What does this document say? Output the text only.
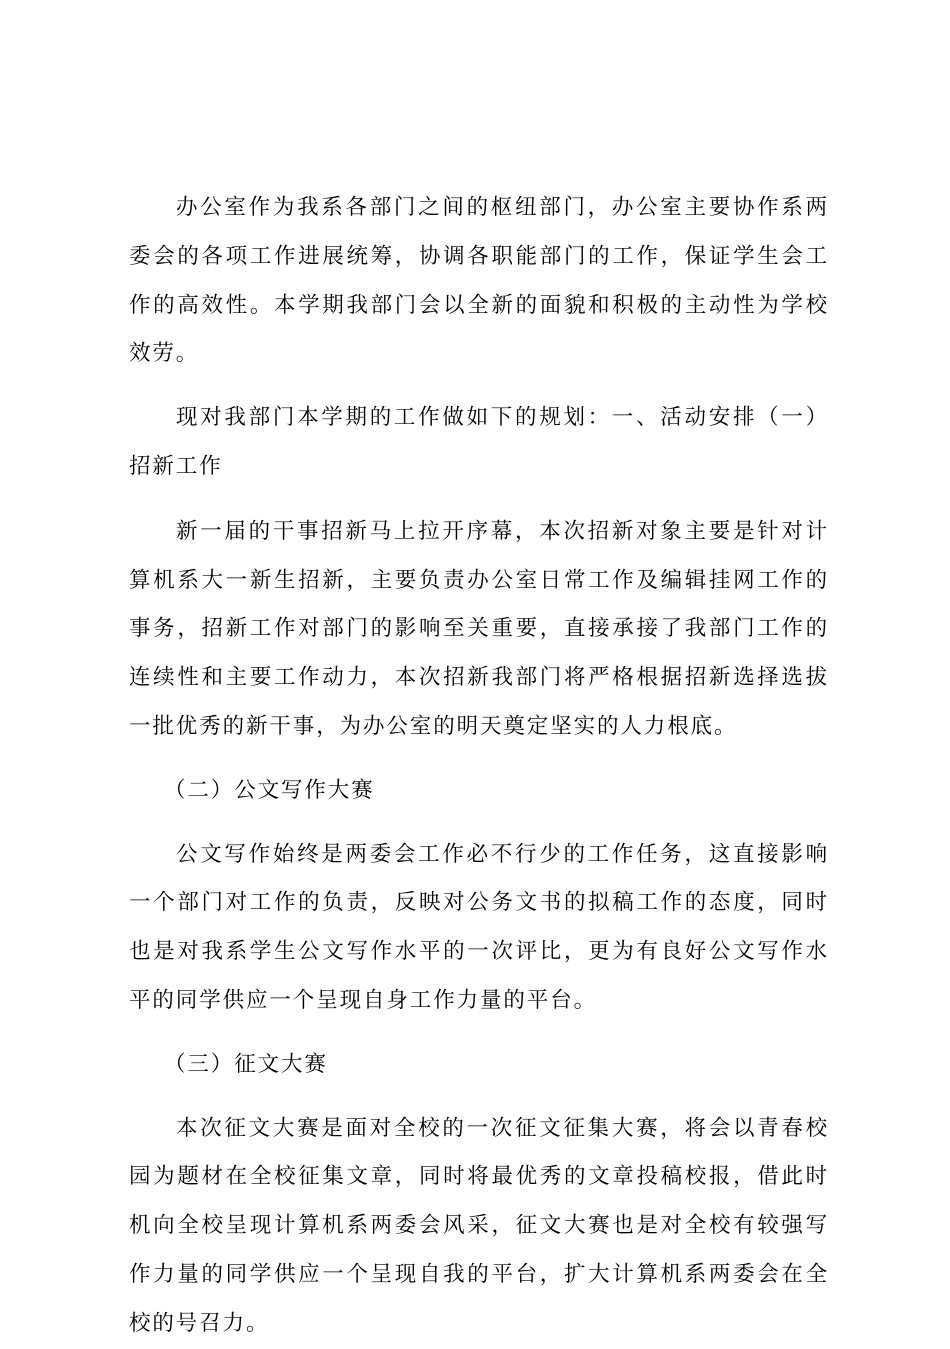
办公室作为我系各部门之间的枢纽部门，办公室主要协作系两委会的各项工作进展统筹，协调各职能部门的工作，保证学生会工作的高效性。本学期我部门会以全新的面貌和积极的主动性为学校效劳。

现对我部门本学期的工作做如下的规划：一、活动安排（一）招新工作

新一届的干事招新马上拉开序幕，本次招新对象主要是针对计算机系大一新生招新，主要负责办公室日常工作及编辑挂网工作的事务，招新工作对部门的影响至关重要，直接承接了我部门工作的连续性和主要工作动力，本次招新我部门将严格根据招新选择选拔一批优秀的新干事，为办公室的明天奠定坚实的人力根底。

（二）公文写作大赛

公文写作始终是两委会工作必不行少的工作任务，这直接影响一个部门对工作的负责，反映对公务文书的拟稿工作的态度，同时也是对我系学生公文写作水平的一次评比，更为有良好公文写作水平的同学供应一个呈现自身工作力量的平台。

（三）征文大赛

本次征文大赛是面对全校的一次征文征集大赛，将会以青春校园为题材在全校征集文章，同时将最优秀的文章投稿校报，借此时机向全校呈现计算机系两委会风采，征文大赛也是对全校有较强写作力量的同学供应一个呈现自我的平台，扩大计算机系两委会在全校的号召力。
